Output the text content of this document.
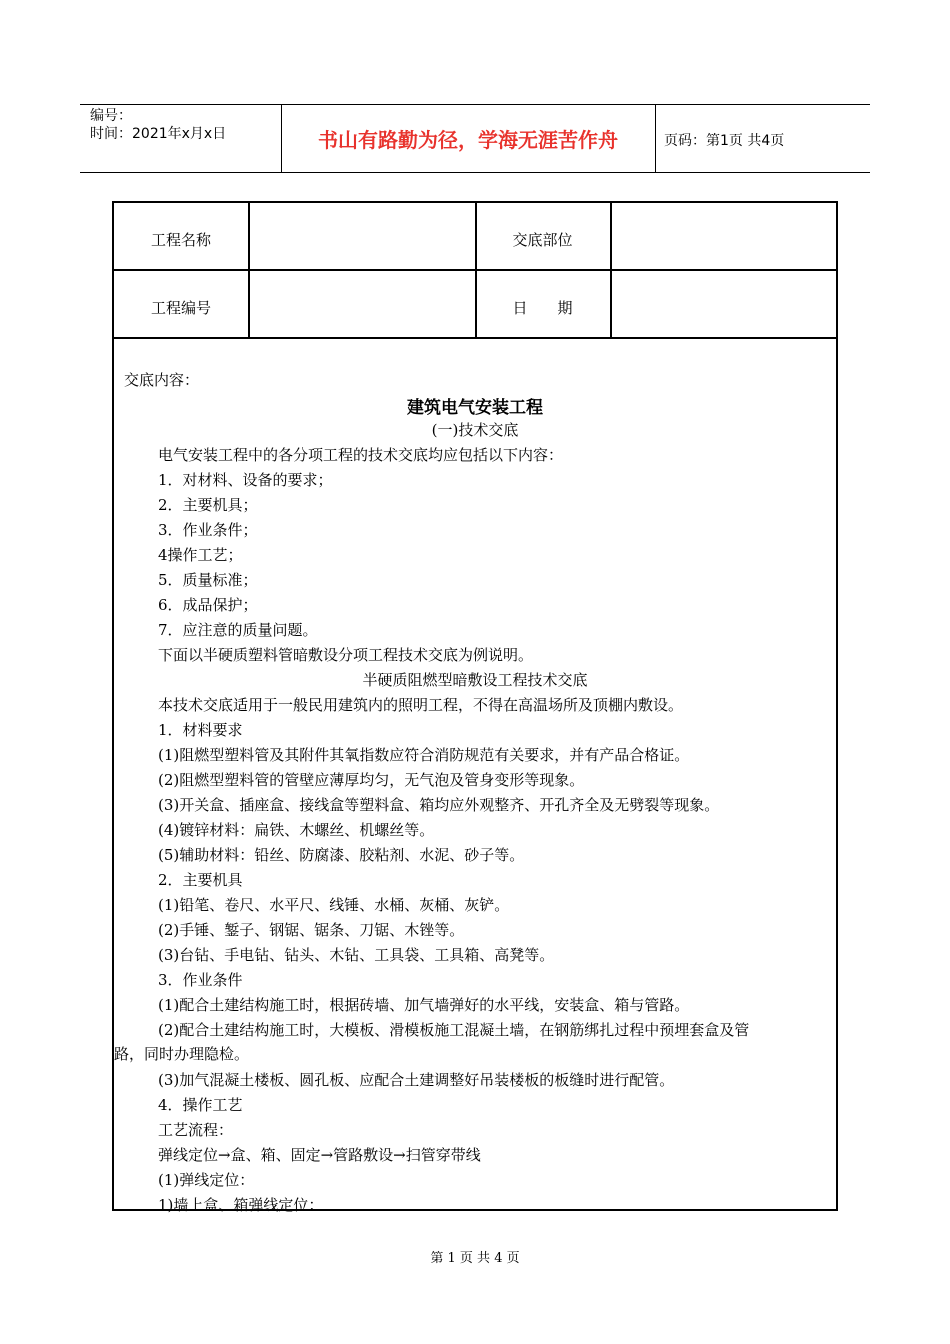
编号：
时间：2021年x月x日	书山有路勤为径，学海无涯苦作舟	页码：第1页 共4页
工程名称	交底部位
工程编号	日　　期
交底内容：
建筑电气安装工程
(一)技术交底
电气安装工程中的各分项工程的技术交底均应包括以下内容：
1．对材料、设备的要求；
2．主要机具；
3．作业条件；
4操作工艺；
5．质量标准；
6．成品保护；
7．应注意的质量问题。
下面以半硬质塑料管暗敷设分项工程技术交底为例说明。
半硬质阻燃型暗敷设工程技术交底
本技术交底适用于一般民用建筑内的照明工程，不得在高温场所及顶棚内敷设。
1．材料要求
(1)阻燃型塑料管及其附件其氧指数应符合消防规范有关要求，并有产品合格证。
(2)阻燃型塑料管的管壁应薄厚均匀，无气泡及管身变形等现象。
(3)开关盒、插座盒、接线盒等塑料盒、箱均应外观整齐、开孔齐全及无劈裂等现象。
(4)镀锌材料：扁铁、木螺丝、机螺丝等。
(5)辅助材料：铅丝、防腐漆、胶粘剂、水泥、砂子等。
2．主要机具
(1)铅笔、卷尺、水平尺、线锤、水桶、灰桶、灰铲。
(2)手锤、錾子、钢锯、锯条、刀锯、木锉等。
(3)台钻、手电钻、钻头、木钻、工具袋、工具箱、高凳等。
3．作业条件
(1)配合土建结构施工时，根据砖墙、加气墙弹好的水平线，安装盒、箱与管路。
(2)配合土建结构施工时，大模板、滑模板施工混凝土墙，在钢筋绑扎过程中预埋套盒及管
路，同时办理隐检。
(3)加气混凝土楼板、圆孔板、应配合土建调整好吊装楼板的板缝时进行配管。
4．操作工艺
工艺流程：
弹线定位→盒、箱、固定→管路敷设→扫管穿带线
(1)弹线定位：
1)墙上盒、箱弹线定位：
第 1 页 共 4 页
